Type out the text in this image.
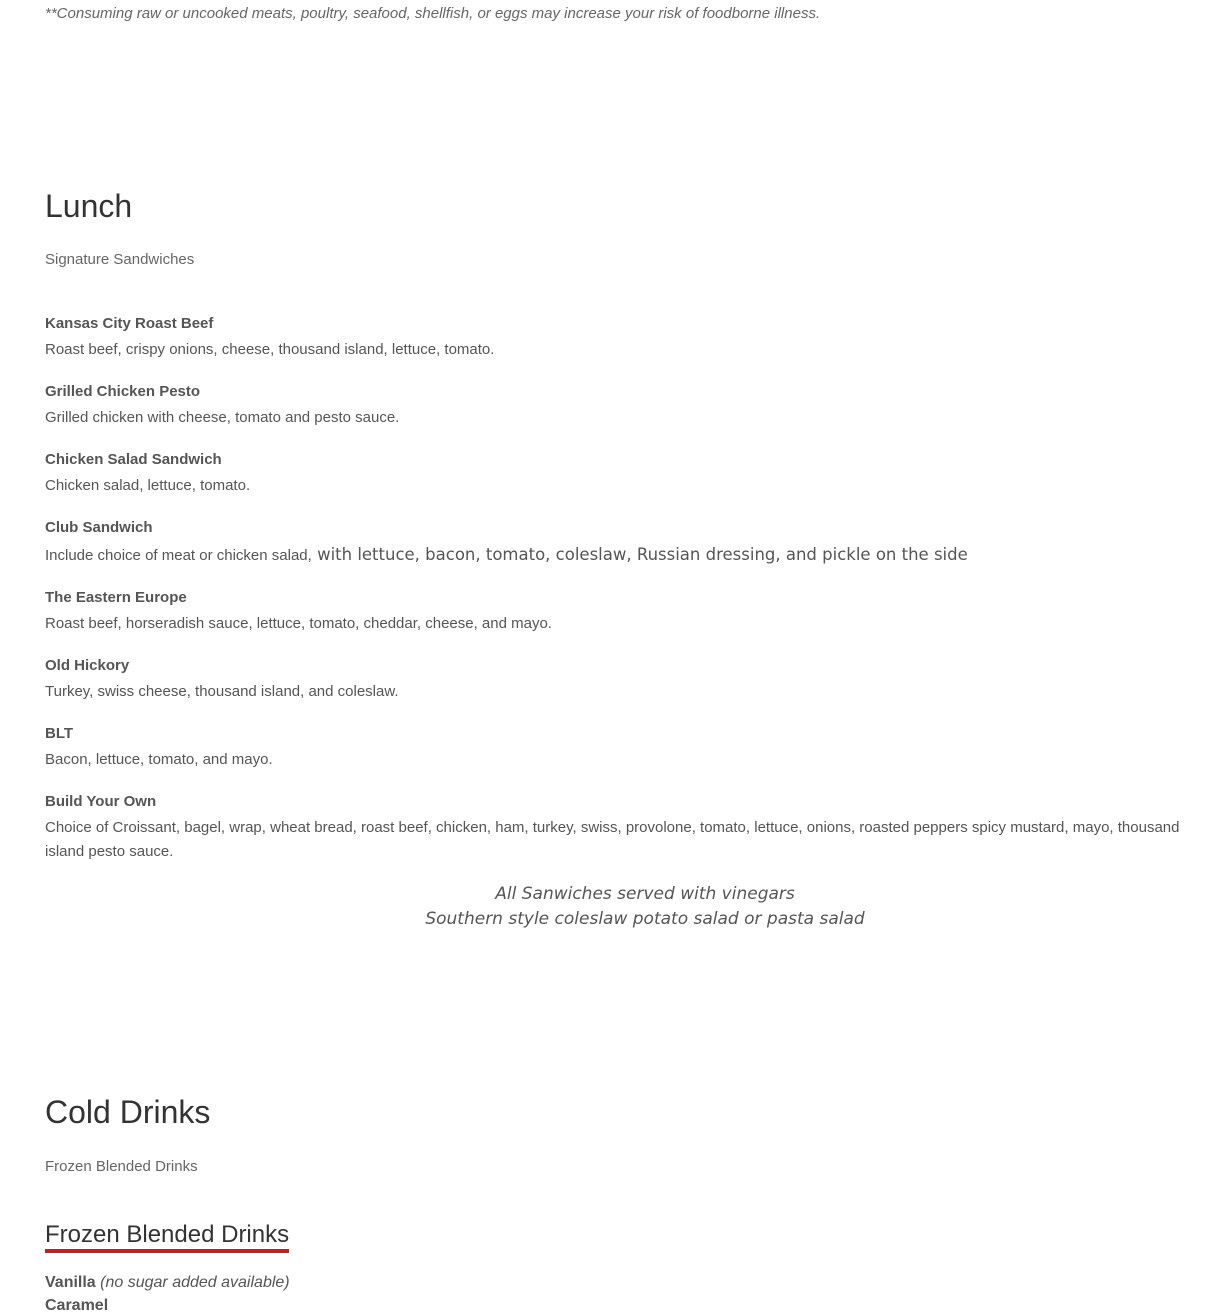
**Consuming raw or uncooked meats, poultry, seafood, shellfish, or eggs may increase your risk of foodborne illness.
Lunch
Signature Sandwiches
Kansas City Roast Beef
Roast beef, crispy onions, cheese, thousand island, lettuce, tomato.
Grilled Chicken Pesto
Grilled chicken with cheese, tomato and pesto sauce.
Chicken Salad Sandwich
Chicken salad, lettuce, tomato.
Club Sandwich
Include choice of meat or chicken salad, with lettuce, bacon, tomato, coleslaw, Russian dressing, and pickle on the side
The Eastern Europe
Roast beef, horseradish sauce, lettuce, tomato, cheddar, cheese, and mayo.
Old Hickory
Turkey, swiss cheese, thousand island, and coleslaw.
BLT
Bacon, lettuce, tomato, and mayo.
Build Your Own
Choice of Croissant, bagel, wrap, wheat bread, roast beef, chicken, ham, turkey, swiss, provolone, tomato, lettuce, onions, roasted peppers spicy mustard, mayo, thousand island pesto sauce.
All Sanwiches served with vinegars
Southern style coleslaw potato salad or pasta salad
Cold Drinks
Frozen Blended Drinks
Frozen Blended Drinks
Vanilla (no sugar added available)
Caramel
